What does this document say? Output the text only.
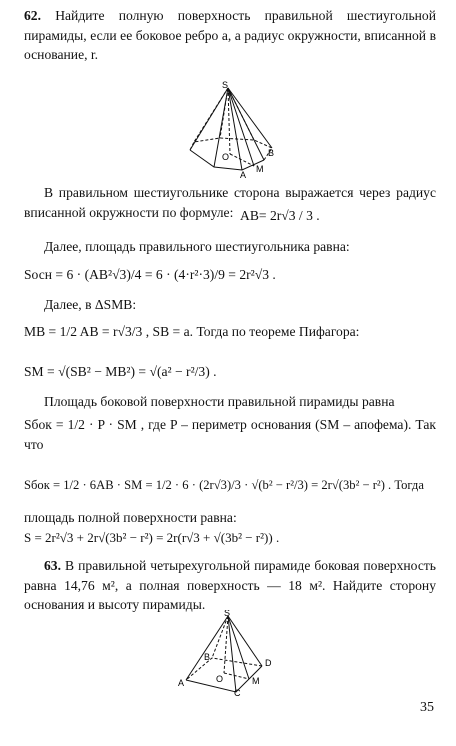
62. Найдите полную поверхность правильной шестиугольной пирамиды, если ее боковое ребро a, а радиус окружности, вписанной в основание, r.
S
O	B
M
A
В правильном шестиугольнике сторона выражается через радиус вписанной окружности по формуле: AB= 2r√3 / 3 .
Далее, площадь правильного шестиугольника равна:
Sосн = 6 · (AB²√3)/4 = 6 · (4·r²·3)/9 = 2r²√3 .
Далее, в ΔSMB:
MB = 1/2 AB = r√3/3 , SB = a. Тогда по теореме Пифагора:
SM = √(SB² − MB²) = √(a² − r²/3) .
Площадь боковой поверхности правильной пирамиды равна
Sбок = 1/2 · P · SM , где P – периметр основания (SM – апофема). Так что
Sбок = 1/2 · 6AB · SM = 1/2 · 6 · (2r√3)/3 · √(b² − r²/3) = 2r√(3b² − r²) . Тогда
площадь полной поверхности равна:
S = 2r²√3 + 2r√(3b² − r²) = 2r(r√3 + √(3b² − r²)) .
63. В правильной четырехугольной пирамиде боковая поверхность равна 14,76 м², а полная поверхность — 18 м². Найдите сторону основания и высоту пирамиды.
S
B
D
O	M
A
C
35
